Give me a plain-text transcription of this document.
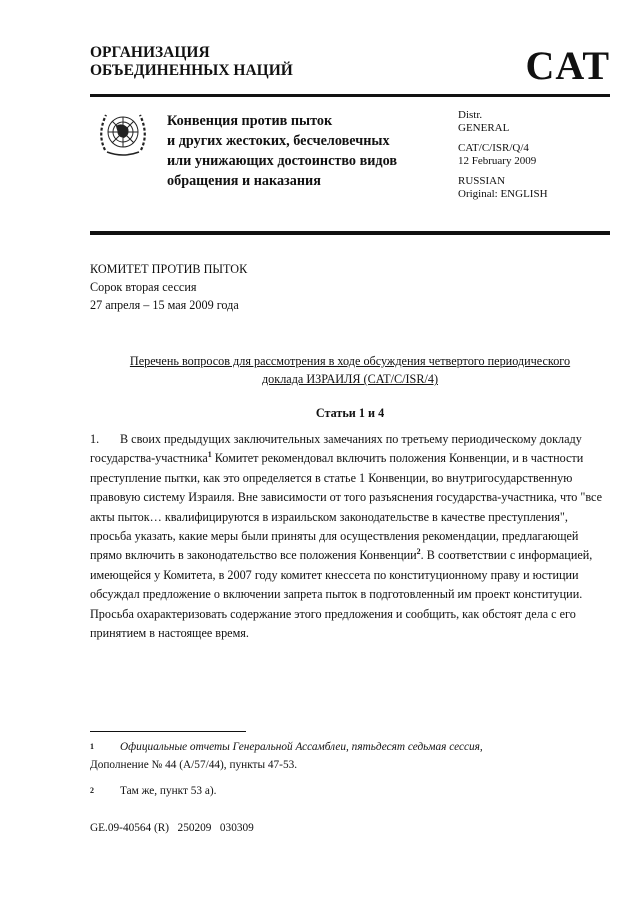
ОРГАНИЗАЦИЯ
ОБЪЕДИНЕННЫХ НАЦИЙ	CAT
Конвенция против пыток
и других жестоких, бесчеловечных
или унижающих достоинство видов
обращения и наказания

Distr.
GENERAL

CAT/C/ISR/Q/4
12 February 2009

RUSSIAN
Original: ENGLISH

КОМИТЕТ ПРОТИВ ПЫТОК
Сорок вторая сессия
27 апреля – 15 мая 2009 года
Перечень вопросов для рассмотрения в ходе обсуждения четвертого периодического
доклада ИЗРАИЛЯ (CAT/C/ISR/4)
Статьи 1 и 4
1. В своих предыдущих заключительных замечаниях по третьему периодическому докладу государства-участника$^1$ Комитет рекомендовал включить положения Конвенции, и в частности преступление пытки, как это определяется в статье 1 Конвенции, во внутригосударственную правовую систему Израиля. Вне зависимости от того разъяснения государства-участника, что "все акты пыток… квалифицируются в израильском законодательстве в качестве преступления", просьба указать, какие меры были приняты для осуществления рекомендации, предлагающей прямо включить в законодательство все положения Конвенции$^2$. В соответствии с информацией, имеющейся у Комитета, в 2007 году комитет кнессета по конституционному праву и юстиции обсуждал предложение о включении запрета пыток в подготовленный им проект конституции. Просьба охарактеризовать содержание этого предложения и сообщить, как обстоят дела с его принятием в настоящее время.
1 Официальные отчеты Генеральной Ассамблеи, пятьдесят седьмая сессия,
Дополнение № 44 (A/57/44), пункты 47-53.
2 Там же, пункт 53 а).
GE.09-40564 (R)   250209   030309
